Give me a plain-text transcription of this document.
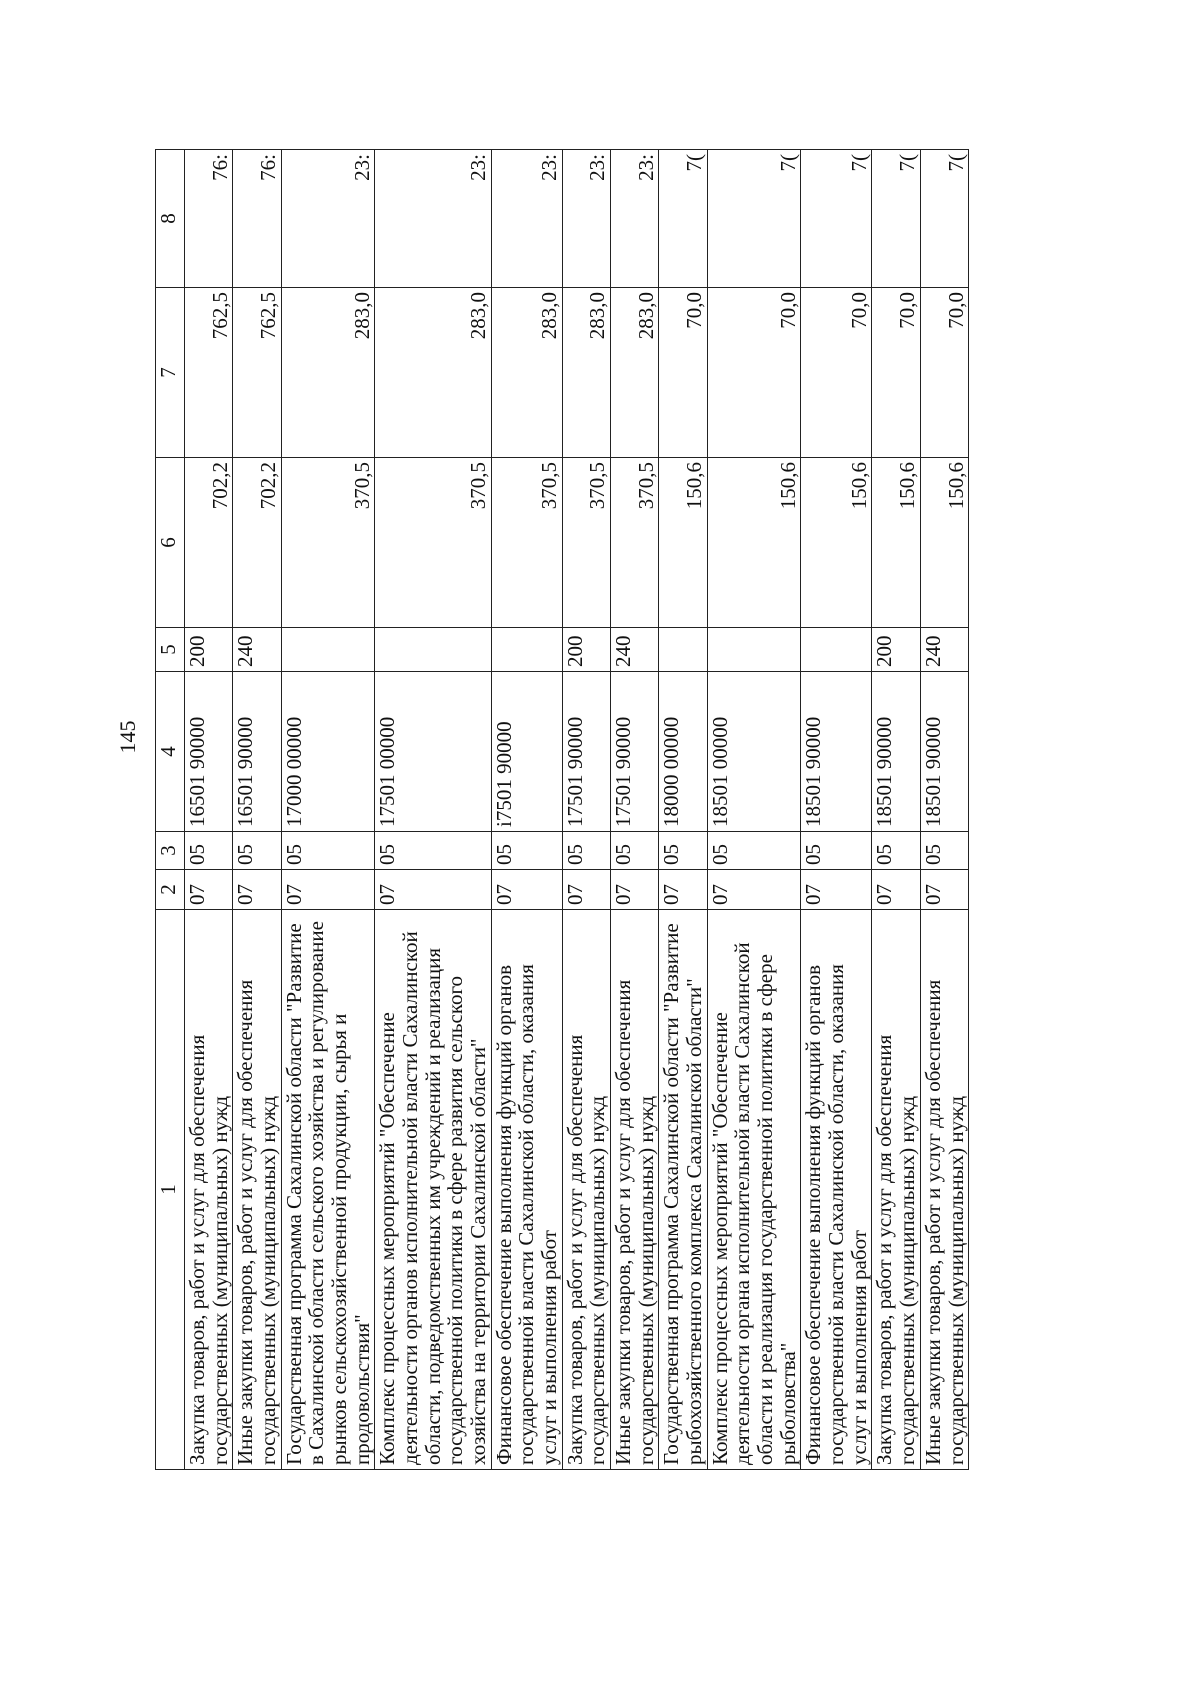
145
1	2	3	4	5	6	7	8
Закупка товаров, работ и услуг для обеспечения государственных (муниципальных) нужд	07	05	16501 90000	200	702,2	762,5	76:
Иные закупки товаров, работ и услуг для обеспечения государственных (муниципальных) нужд	07	05	16501 90000	240	702,2	762,5	76:
Государственная программа Сахалинской области "Развитие в Сахалинской области сельского хозяйства и регулирование рынков сельскохозяйственной продукции, сырья и продовольствия"	07	05	17000 00000		370,5	283,0	23:
Комплекс процессных мероприятий "Обеспечение деятельности органов исполнительной власти Сахалинской области, подведомственных им учреждений и реализация государственной политики в сфере развития сельского хозяйства на территории Сахалинской области"	07	05	17501 00000		370,5	283,0	23:
Финансовое обеспечение выполнения функций органов государственной власти Сахалинской области, оказания услуг и выполнения работ	07	05	i7501 90000		370,5	283,0	23:
Закупка товаров, работ и услуг для обеспечения государственных (муниципальных) нужд	07	05	17501 90000	200	370,5	283,0	23:
Иные закупки товаров, работ и услуг для обеспечения государственных (муниципальных) нужд	07	05	17501 90000	240	370,5	283,0	23:
Государственная программа Сахалинской области "Развитие рыбохозяйственного комплекса Сахалинской области"	07	05	18000 00000		150,6	70,0	7(
Комплекс процессных мероприятий "Обеспечение деятельности органа исполнительной власти Сахалинской области и реализация государственной политики в сфере рыболовства"	07	05	18501 00000		150,6	70,0	7(
Финансовое обеспечение выполнения функций органов государственной власти Сахалинской области, оказания услуг и выполнения работ	07	05	18501 90000		150,6	70,0	7(
Закупка товаров, работ и услуг для обеспечения государственных (муниципальных) нужд	07	05	18501 90000	200	150,6	70,0	7(
Иные закупки товаров, работ и услуг для обеспечения государственных (муниципальных) нужд	07	05	18501 90000	240	150,6	70,0	7(
